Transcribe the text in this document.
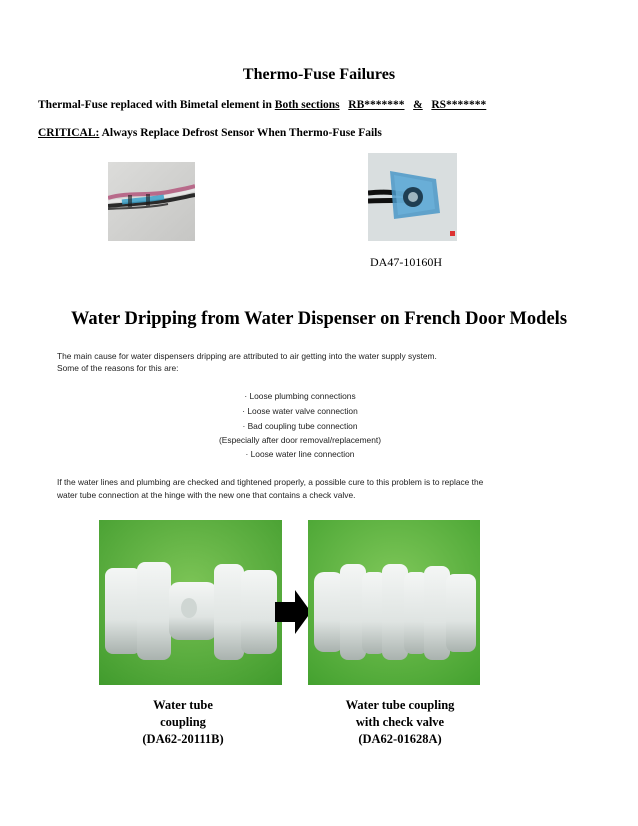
Thermo-Fuse Failures
Thermal-Fuse replaced with Bimetal element in Both sections RB******* & RS*******
CRITICAL: Always Replace Defrost Sensor When Thermo-Fuse Fails
DA47-10160H
Water Dripping from Water Dispenser on French Door Models
The main cause for water dispensers dripping are attributed to air getting into the water supply system.
Some of the reasons for this are:
· Loose plumbing connections
· Loose water valve connection
· Bad coupling tube connection
(Especially after door removal/replacement)
· Loose water line connection
If the water lines and plumbing are checked and tightened properly, a possible cure to this problem is to replace the
water tube connection at the hinge with the new one that contains a check valve.
Water tube
coupling
(DA62-20111B)
Water tube coupling
with check valve
(DA62-01628A)
